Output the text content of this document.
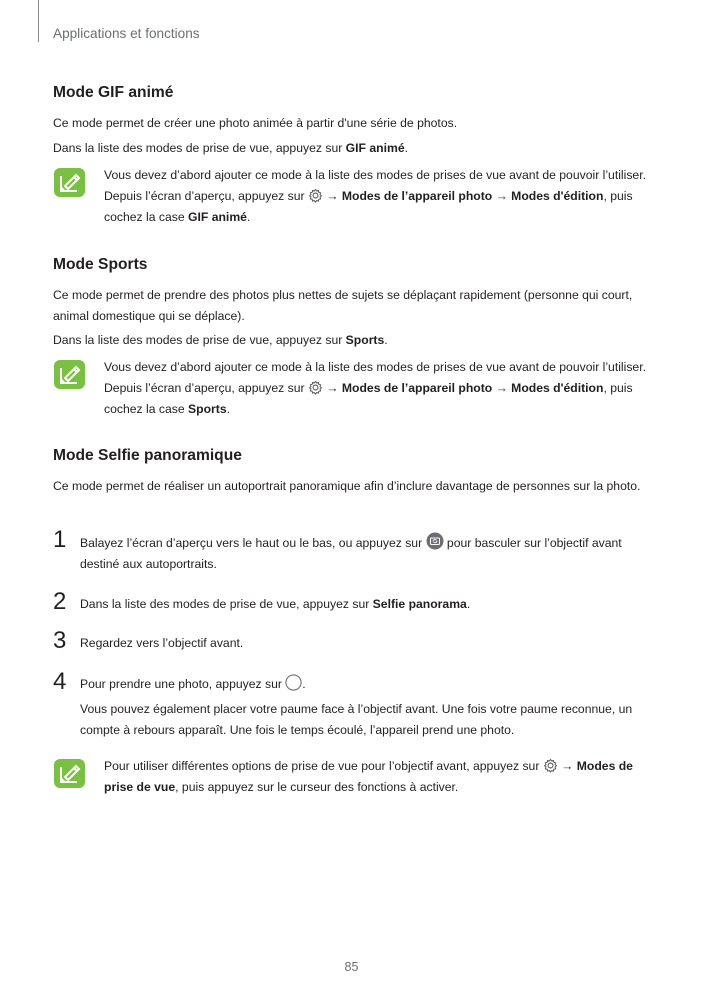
Applications et fonctions
Mode GIF animé
Ce mode permet de créer une photo animée à partir d'une série de photos.
Dans la liste des modes de prise de vue, appuyez sur GIF animé.
Vous devez d’abord ajouter ce mode à la liste des modes de prises de vue avant de pouvoir l’utiliser. Depuis l’écran d’aperçu, appuyez sur  → Modes de l’appareil photo → Modes d'édition, puis cochez la case GIF animé.
Mode Sports
Ce mode permet de prendre des photos plus nettes de sujets se déplaçant rapidement (personne qui court, animal domestique qui se déplace).
Dans la liste des modes de prise de vue, appuyez sur Sports.
Vous devez d’abord ajouter ce mode à la liste des modes de prises de vue avant de pouvoir l’utiliser. Depuis l’écran d’aperçu, appuyez sur  → Modes de l’appareil photo → Modes d'édition, puis cochez la case Sports.
Mode Selfie panoramique
Ce mode permet de réaliser un autoportrait panoramique afin d’inclure davantage de personnes sur la photo.
1 Balayez l’écran d’aperçu vers le haut ou le bas, ou appuyez sur  pour basculer sur l’objectif avant destiné aux autoportraits.
2 Dans la liste des modes de prise de vue, appuyez sur Selfie panorama.
3 Regardez vers l’objectif avant.
4 Pour prendre une photo, appuyez sur .
Vous pouvez également placer votre paume face à l’objectif avant. Une fois votre paume reconnue, un compte à rebours apparaît. Une fois le temps écoulé, l’appareil prend une photo.
Pour utiliser différentes options de prise de vue pour l’objectif avant, appuyez sur  → Modes de prise de vue, puis appuyez sur le curseur des fonctions à activer.
85
